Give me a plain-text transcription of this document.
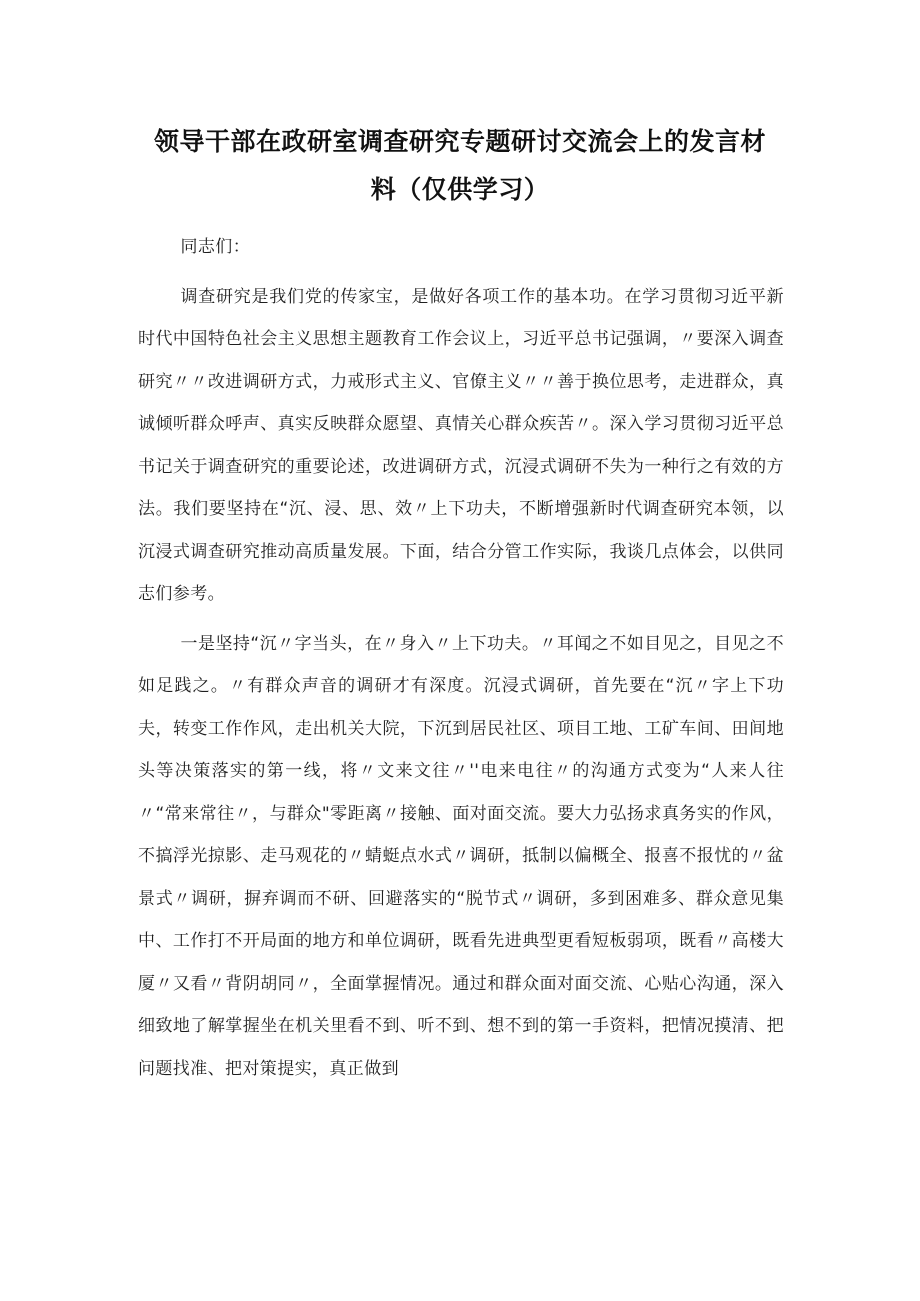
领导干部在政研室调查研究专题研讨交流会上的发言材料（仅供学习）

同志们：

调查研究是我们党的传家宝，是做好各项工作的基本功。在学习贯彻习近平新时代中国特色社会主义思想主题教育工作会议上，习近平总书记强调，〃要深入调查研究〃〃改进调研方式，力戒形式主义、官僚主义〃〃善于换位思考，走进群众，真诚倾听群众呼声、真实反映群众愿望、真情关心群众疾苦〃。深入学习贯彻习近平总书记关于调查研究的重要论述，改进调研方式，沉浸式调研不失为一种行之有效的方法。我们要坚持在“沉、浸、思、效〃上下功夫，不断增强新时代调查研究本领，以沉浸式调查研究推动高质量发展。下面，结合分管工作实际，我谈几点体会，以供同志们参考。

一是坚持“沉〃字当头，在〃身入〃上下功夫。〃耳闻之不如目见之，目见之不如足践之。〃有群众声音的调研才有深度。沉浸式调研，首先要在“沉〃字上下功夫，转变工作作风，走出机关大院，下沉到居民社区、项目工地、工矿车间、田间地头等决策落实的第一线，将〃文来文往〃''电来电往〃的沟通方式变为“人来人往〃“常来常往〃，与群众"零距离〃接触、面对面交流。要大力弘扬求真务实的作风，不搞浮光掠影、走马观花的〃蜻蜓点水式〃调研，抵制以偏概全、报喜不报忧的〃盆景式〃调研，摒弃调而不研、回避落实的“脱节式〃调研，多到困难多、群众意见集中、工作打不开局面的地方和单位调研，既看先进典型更看短板弱项，既看〃高楼大厦〃又看〃背阴胡同〃，全面掌握情况。通过和群众面对面交流、心贴心沟通，深入细致地了解掌握坐在机关里看不到、听不到、想不到的第一手资料，把情况摸清、把问题找准、把对策提实，真正做到
